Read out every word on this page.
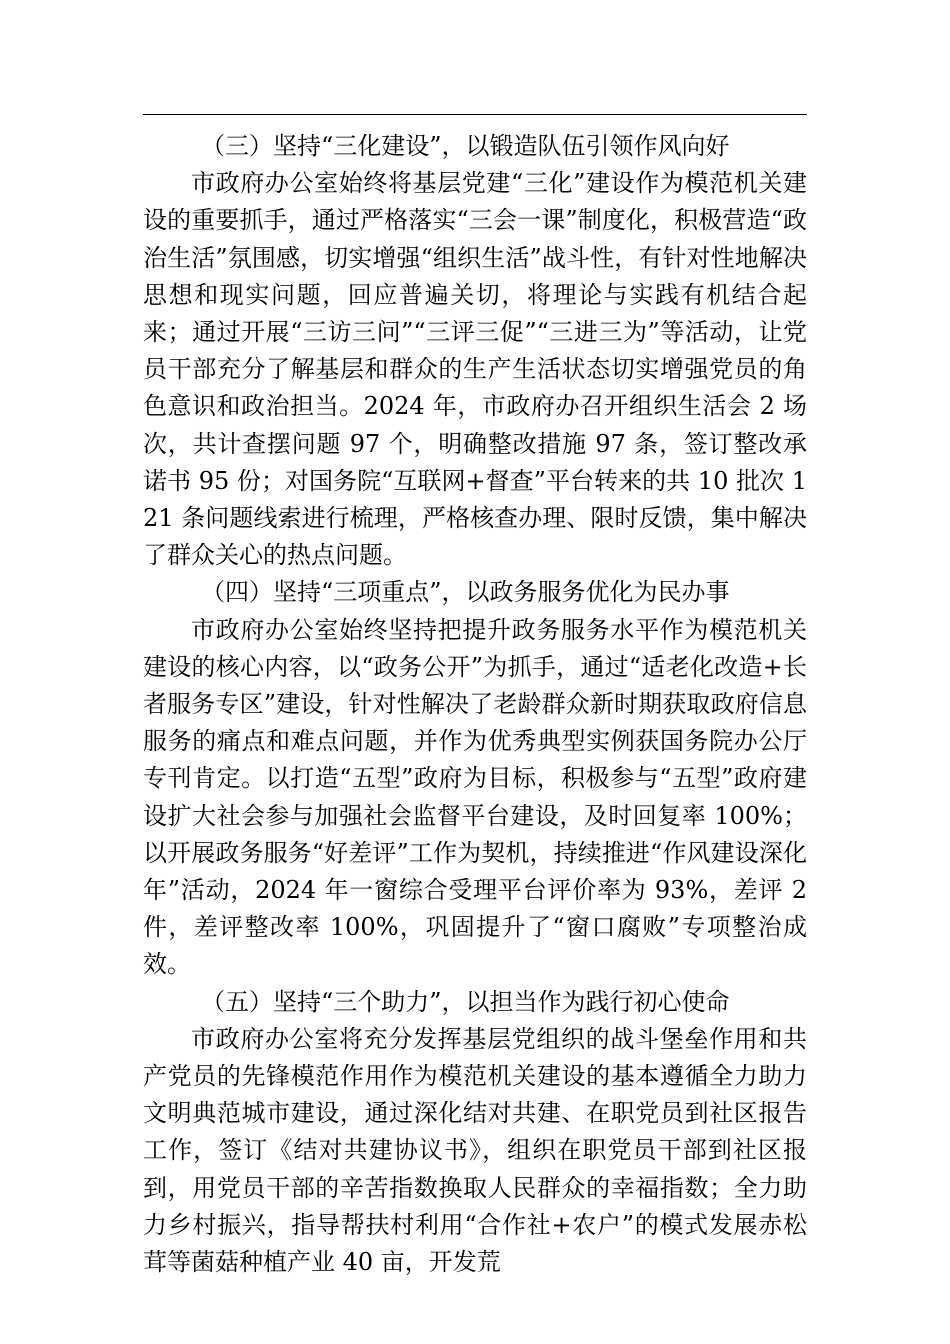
（三）坚持“三化建设”，以锻造队伍引领作风向好

市政府办公室始终将基层党建“三化”建设作为模范机关建设的重要抓手，通过严格落实“三会一课”制度化，积极营造“政治生活”氛围感，切实增强“组织生活”战斗性，有针对性地解决思想和现实问题，回应普遍关切，将理论与实践有机结合起来；通过开展“三访三问”“三评三促”“三进三为”等活动，让党员干部充分了解基层和群众的生产生活状态切实增强党员的角色意识和政治担当。2024 年，市政府办召开组织生活会 2 场次，共计查摆问题 97 个，明确整改措施 97 条，签订整改承诺书 95 份；对国务院“互联网+督查”平台转来的共 10 批次 121 条问题线索进行梳理，严格核查办理、限时反馈，集中解决了群众关心的热点问题。

（四）坚持“三项重点”，以政务服务优化为民办事

市政府办公室始终坚持把提升政务服务水平作为模范机关建设的核心内容，以“政务公开”为抓手，通过“适老化改造+长者服务专区”建设，针对性解决了老龄群众新时期获取政府信息服务的痛点和难点问题，并作为优秀典型实例获国务院办公厅专刊肯定。以打造“五型”政府为目标，积极参与“五型”政府建设扩大社会参与加强社会监督平台建设，及时回复率 100%；以开展政务服务“好差评”工作为契机，持续推进“作风建设深化年”活动，2024 年一窗综合受理平台评价率为 93%，差评 2 件，差评整改率 100%，巩固提升了“窗口腐败”专项整治成效。

（五）坚持“三个助力”，以担当作为践行初心使命

市政府办公室将充分发挥基层党组织的战斗堡垒作用和共产党员的先锋模范作用作为模范机关建设的基本遵循全力助力文明典范城市建设，通过深化结对共建、在职党员到社区报告工作，签订《结对共建协议书》，组织在职党员干部到社区报到，用党员干部的辛苦指数换取人民群众的幸福指数；全力助力乡村振兴，指导帮扶村利用“合作社+农户”的模式发展赤松茸等菌菇种植产业 40 亩，开发荒
